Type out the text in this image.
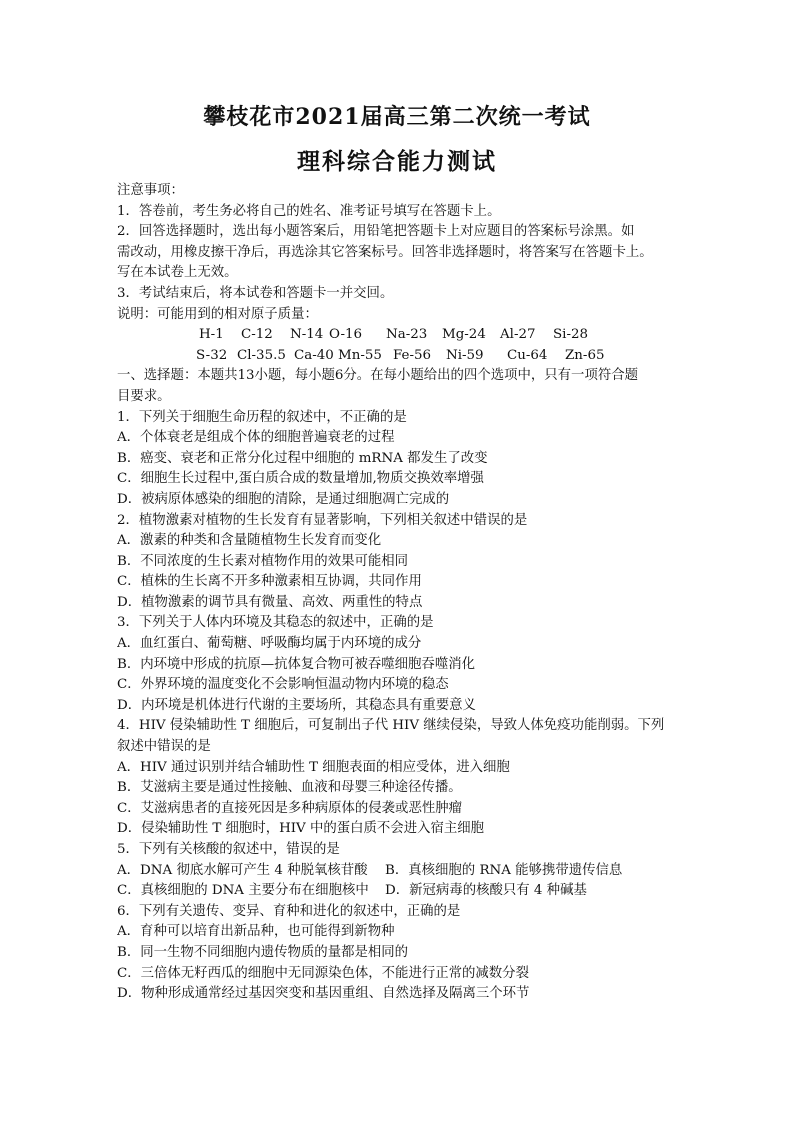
攀枝花市2021届高三第二次统一考试
理科综合能力测试
注意事项：
1．答卷前，考生务必将自己的姓名、准考证号填写在答题卡上。
2．回答选择题时，选出每小题答案后，用铅笔把答题卡上对应题目的答案标号涂黑。如
需改动，用橡皮擦干净后，再选涂其它答案标号。回答非选择题时，将答案写在答题卡上。
写在本试卷上无效。
3．考试结束后，将本试卷和答题卡一并交回。
说明：可能用到的相对原子质量：
H-1	C-12	N-14 O-16	Na-23	Mg-24	Al-27	Si-28
S-32 Cl-35.5 Ca-40 Mn-55 Fe-56	Ni-59	Cu-64	Zn-65
一、选择题：本题共13小题，每小题6分。在每小题给出的四个选项中，只有一项符合题
目要求。
1．下列关于细胞生命历程的叙述中，不正确的是
A．个体衰老是组成个体的细胞普遍衰老的过程
B．癌变、衰老和正常分化过程中细胞的 mRNA 都发生了改变
C．细胞生长过程中,蛋白质合成的数量增加,物质交换效率增强
D．被病原体感染的细胞的清除，是通过细胞凋亡完成的
2．植物激素对植物的生长发育有显著影响，下列相关叙述中错误的是
A．激素的种类和含量随植物生长发育而变化
B．不同浓度的生长素对植物作用的效果可能相同
C．植株的生长离不开多种激素相互协调，共同作用
D．植物激素的调节具有微量、高效、两重性的特点
3．下列关于人体内环境及其稳态的叙述中，正确的是
A．血红蛋白、葡萄糖、呼吸酶均属于内环境的成分
B．内环境中形成的抗原—抗体复合物可被吞噬细胞吞噬消化
C．外界环境的温度变化不会影响恒温动物内环境的稳态
D．内环境是机体进行代谢的主要场所，其稳态具有重要意义
4．HIV 侵染辅助性 T 细胞后，可复制出子代 HIV 继续侵染，导致人体免疫功能削弱。下列
叙述中错误的是
A．HIV 通过识别并结合辅助性 T 细胞表面的相应受体，进入细胞
B．艾滋病主要是通过性接触、血液和母婴三种途径传播。
C．艾滋病患者的直接死因是多种病原体的侵袭或恶性肿瘤
D．侵染辅助性 T 细胞时，HIV 中的蛋白质不会进入宿主细胞
5．下列有关核酸的叙述中，错误的是
A．DNA 彻底水解可产生 4 种脱氧核苷酸	B．真核细胞的 RNA 能够携带遗传信息
C．真核细胞的 DNA 主要分布在细胞核中	D．新冠病毒的核酸只有 4 种碱基
6．下列有关遗传、变异、育种和进化的叙述中，正确的是
A．育种可以培育出新品种，也可能得到新物种
B．同一生物不同细胞内遗传物质的量都是相同的
C．三倍体无籽西瓜的细胞中无同源染色体，不能进行正常的减数分裂
D．物种形成通常经过基因突变和基因重组、自然选择及隔离三个环节
